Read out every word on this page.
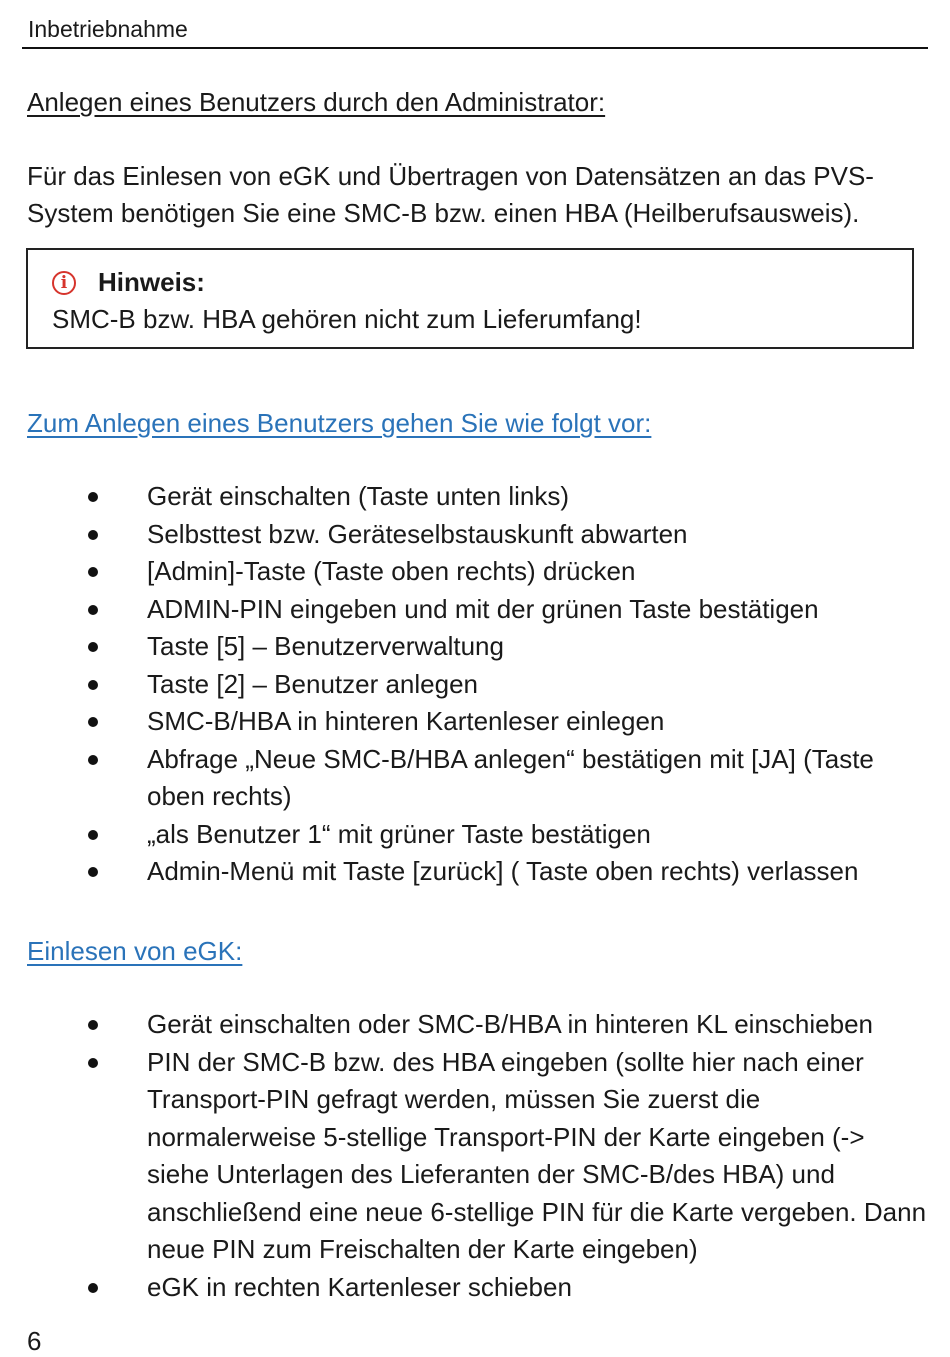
Inbetriebnahme
Anlegen eines Benutzers durch den Administrator:
Für das Einlesen von eGK und Übertragen von Datensätzen an das PVS-System benötigen Sie eine SMC-B bzw. einen HBA (Heilberufsausweis).
i	Hinweis:
SMC-B bzw. HBA gehören nicht zum Lieferumfang!
Zum Anlegen eines Benutzers gehen Sie wie folgt vor:
Gerät einschalten (Taste unten links)
Selbsttest bzw. Geräteselbstauskunft abwarten
[Admin]-Taste (Taste oben rechts) drücken
ADMIN-PIN eingeben und mit der grünen Taste bestätigen
Taste [5] – Benutzerverwaltung
Taste [2] – Benutzer anlegen
SMC-B/HBA in hinteren Kartenleser einlegen
Abfrage „Neue SMC-B/HBA anlegen“ bestätigen mit [JA] (Taste oben rechts)
„als Benutzer 1“ mit grüner Taste bestätigen
Admin-Menü mit Taste [zurück] ( Taste oben rechts) verlassen
Einlesen von eGK:
Gerät einschalten oder SMC-B/HBA in hinteren KL einschieben
PIN der SMC-B bzw. des HBA eingeben (sollte hier nach einer Transport-PIN gefragt werden, müssen Sie zuerst die normalerweise 5-stellige Transport-PIN der Karte eingeben (-> siehe Unterlagen des Lieferanten der SMC-B/des HBA) und anschließend eine neue 6-stellige PIN für die Karte vergeben. Dann neue PIN zum Freischalten der Karte eingeben)
eGK in rechten Kartenleser schieben
6
